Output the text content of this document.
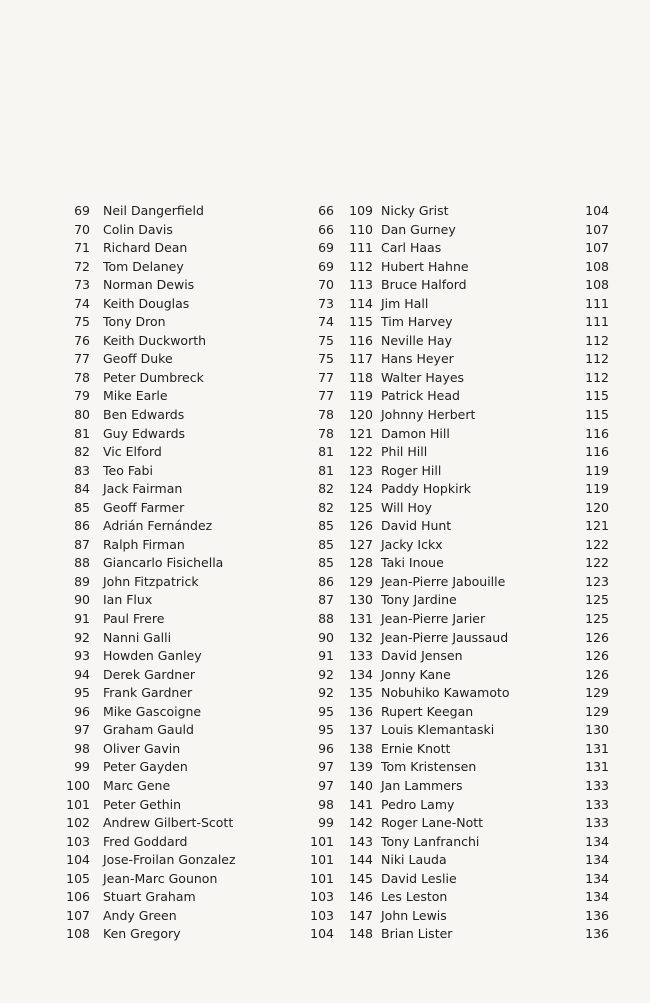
69 Neil Dangerfield	66
70 Colin Davis	66
71 Richard Dean	69
72 Tom Delaney	69
73 Norman Dewis	70
74 Keith Douglas	73
75 Tony Dron	74
76 Keith Duckworth	75
77 Geoff Duke	75
78 Peter Dumbreck	77
79 Mike Earle	77
80 Ben Edwards	78
81 Guy Edwards	78
82 Vic Elford	81
83 Teo Fabi	81
84 Jack Fairman	82
85 Geoff Farmer	82
86 Adrián Fernández	85
87 Ralph Firman	85
88 Giancarlo Fisichella	85
89 John Fitzpatrick	86
90 Ian Flux	87
91 Paul Frere	88
92 Nanni Galli	90
93 Howden Ganley	91
94 Derek Gardner	92
95 Frank Gardner	92
96 Mike Gascoigne	95
97 Graham Gauld	95
98 Oliver Gavin	96
99 Peter Gayden	97
100 Marc Gene	97
101 Peter Gethin	98
102 Andrew Gilbert-Scott	99
103 Fred Goddard	101
104 Jose-Froilan Gonzalez	101
105 Jean-Marc Gounon	101
106 Stuart Graham	103
107 Andy Green	103
108 Ken Gregory	104
109 Nicky Grist	104
110 Dan Gurney	107
111 Carl Haas	107
112 Hubert Hahne	108
113 Bruce Halford	108
114 Jim Hall	111
115 Tim Harvey	111
116 Neville Hay	112
117 Hans Heyer	112
118 Walter Hayes	112
119 Patrick Head	115
120 Johnny Herbert	115
121 Damon Hill	116
122 Phil Hill	116
123 Roger Hill	119
124 Paddy Hopkirk	119
125 Will Hoy	120
126 David Hunt	121
127 Jacky Ickx	122
128 Taki Inoue	122
129 Jean-Pierre Jabouille	123
130 Tony Jardine	125
131 Jean-Pierre Jarier	125
132 Jean-Pierre Jaussaud	126
133 David Jensen	126
134 Jonny Kane	126
135 Nobuhiko Kawamoto	129
136 Rupert Keegan	129
137 Louis Klemantaski	130
138 Ernie Knott	131
139 Tom Kristensen	131
140 Jan Lammers	133
141 Pedro Lamy	133
142 Roger Lane-Nott	133
143 Tony Lanfranchi	134
144 Niki Lauda	134
145 David Leslie	134
146 Les Leston	134
147 John Lewis	136
148 Brian Lister	136
